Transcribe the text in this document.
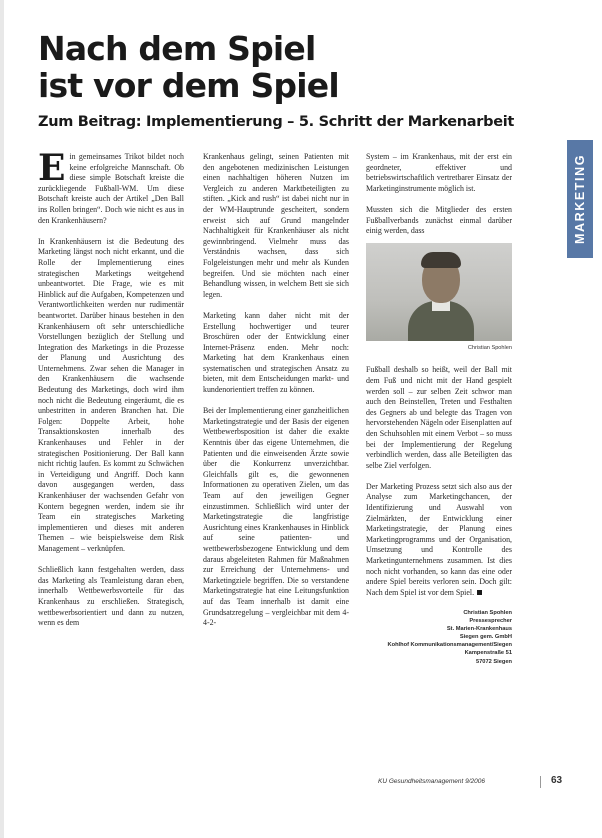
Nach dem Spiel
ist vor dem Spiel
Zum Beitrag: Implementierung – 5. Schritt der Markenarbeit
MARKETING

Ein gemeinsames Trikot bildet noch keine erfolgreiche Mannschaft. Ob diese simple Botschaft kreiste die zurückliegende Fußball-WM. Um diese Botschaft kreiste auch der Artikel „Den Ball ins Rollen bringen“. Doch wie nicht es aus in den Krankenhäusern?

In Krankenhäusern ist die Bedeutung des Marketing längst noch nicht erkannt, und die Rolle der Implementierung eines strategischen Marketings weitgehend unbeantwortet. Die Frage, wie es mit Hinblick auf die Aufgaben, Kompetenzen und Verantwortlichkeiten werden nur rudimentär beantwortet. Darüber hinaus bestehen in den Krankenhäusern oft sehr unterschiedliche Vorstellungen bezüglich der Stellung und Integration des Marketings in die Prozesse der Planung und Ausrichtung des Unternehmens. Zwar sehen die Manager in den Krankenhäusern die wachsende Bedeutung des Marketings, doch wird ihm noch nicht die Bedeutung eingeräumt, die es unbestritten in anderen Branchen hat. Die Folgen: Doppelte Arbeit, hohe Transaktionskosten innerhalb des Krankenhauses und Fehler in der strategischen Positionierung. Der Ball kann nicht richtig laufen. Es kommt zu Schwächen in Verteidigung und Angriff. Doch kann davon ausgegangen werden, dass Krankenhäuser der wachsenden Gefahr von Kontern begegnen werden, indem sie ihr Team ein strategisches Marketing implementieren und dieses mit anderen Themen – wie beispielsweise dem Risk Management – verknüpfen.

Schließlich kann festgehalten werden, dass das Marketing als Teamleistung daran eben, innerhalb Wettbewerbsvorteile für das Krankenhaus zu erschließen. Strategisch, wettbewerbsorientiert und dann zu nutzen, wenn es dem

Krankenhaus gelingt, seinen Patienten mit den angebotenen medizinischen Leistungen einen nachhaltigen höheren Nutzen im Vergleich zu anderen Marktbeteiligten zu stiften. „Kick and rush“ ist dabei nicht nur in der WM-Hauptrunde gescheitert, sondern erweist sich auf Grund mangelnder Nachhaltigkeit für Krankenhäuser als nicht gewinnbringend. Vielmehr muss das Verständnis wachsen, dass sich Folgeleistungen mehr und mehr als Kunden begreifen. Und sie möchten nach einer Behandlung wissen, in welchem Bett sie sich legen.

Marketing kann daher nicht mit der Erstellung hochwertiger und teurer Broschüren oder der Entwicklung einer Internet-Präsenz enden. Mehr noch: Marketing hat dem Krankenhaus einen systematischen und strategischen Ansatz zu bieten, mit dem Entscheidungen markt- und kundenorientiert treffen zu können.

Bei der Implementierung einer ganzheitlichen Marketingstrategie und der Basis der eigenen Wettbewerbsposition ist daher die exakte Kenntnis über das eigene Unternehmen, die Patienten und die einweisenden Ärzte sowie über die Konkurrenz unverzichtbar. Gleichfalls gilt es, die gewonnenen Informationen zu operativen Zielen, um das Team auf den jeweiligen Gegner einzustimmen. Schließlich wird unter der Marketingstrategie die langfristige Ausrichtung eines Krankenhauses in Hinblick auf seine patienten- und wettbewerbsbezogene Entwicklung und dem daraus abgeleiteten Rahmen für Maßnahmen zur Erreichung der Unternehmens- und Marketingziele begriffen. Die so verstandene Marketingstrategie hat eine Leitungsfunktion auf das Team innerhalb ist damit eine Grundsatzregelung – vergleichbar mit dem 4-4-2-

System – im Krankenhaus, mit der erst ein geordneter, effektiver und betriebswirtschaftlich vertretbarer Einsatz der Marketinginstrumente möglich ist.

Mussten sich die Mitglieder des ersten Fußballverbands zunächst einmal darüber einig werden, dass

Christian Spohlen

Fußball deshalb so heißt, weil der Ball mit dem Fuß und nicht mit der Hand gespielt werden soll – zur selben Zeit schwor man auch den Beinstellen, Treten und Festhalten des Gegners ab und belegte das Tragen von hervorstehenden Nägeln oder Eisenplatten auf den Schuhsohlen mit einem Verbot – so muss bei der Implementierung der Regelung verbindlich werden, dass alle Beteiligten das selbe Ziel verfolgen.

Der Marketing Prozess setzt sich also aus der Analyse zum Marketingchancen, der Identifizierung und Auswahl von Zielmärkten, der Entwicklung einer Marketingstrategie, der Planung eines Marketingprogramms und der Organisation, Umsetzung und Kontrolle des Marketingunternehmens zusammen. Ist dies noch nicht vorhanden, so kann das eine oder andere Spiel bereits verloren sein. Doch gilt: Nach dem Spiel ist vor dem Spiel.

Christian Spohlen
Pressesprecher
St. Marien-Krankenhaus
Siegen gem. GmbH
Kohlhof Kommunikationsmanagement/Siegen
Kampenstraße 51
57072 Siegen
KU Gesundheitsmanagement 9/2006	63
